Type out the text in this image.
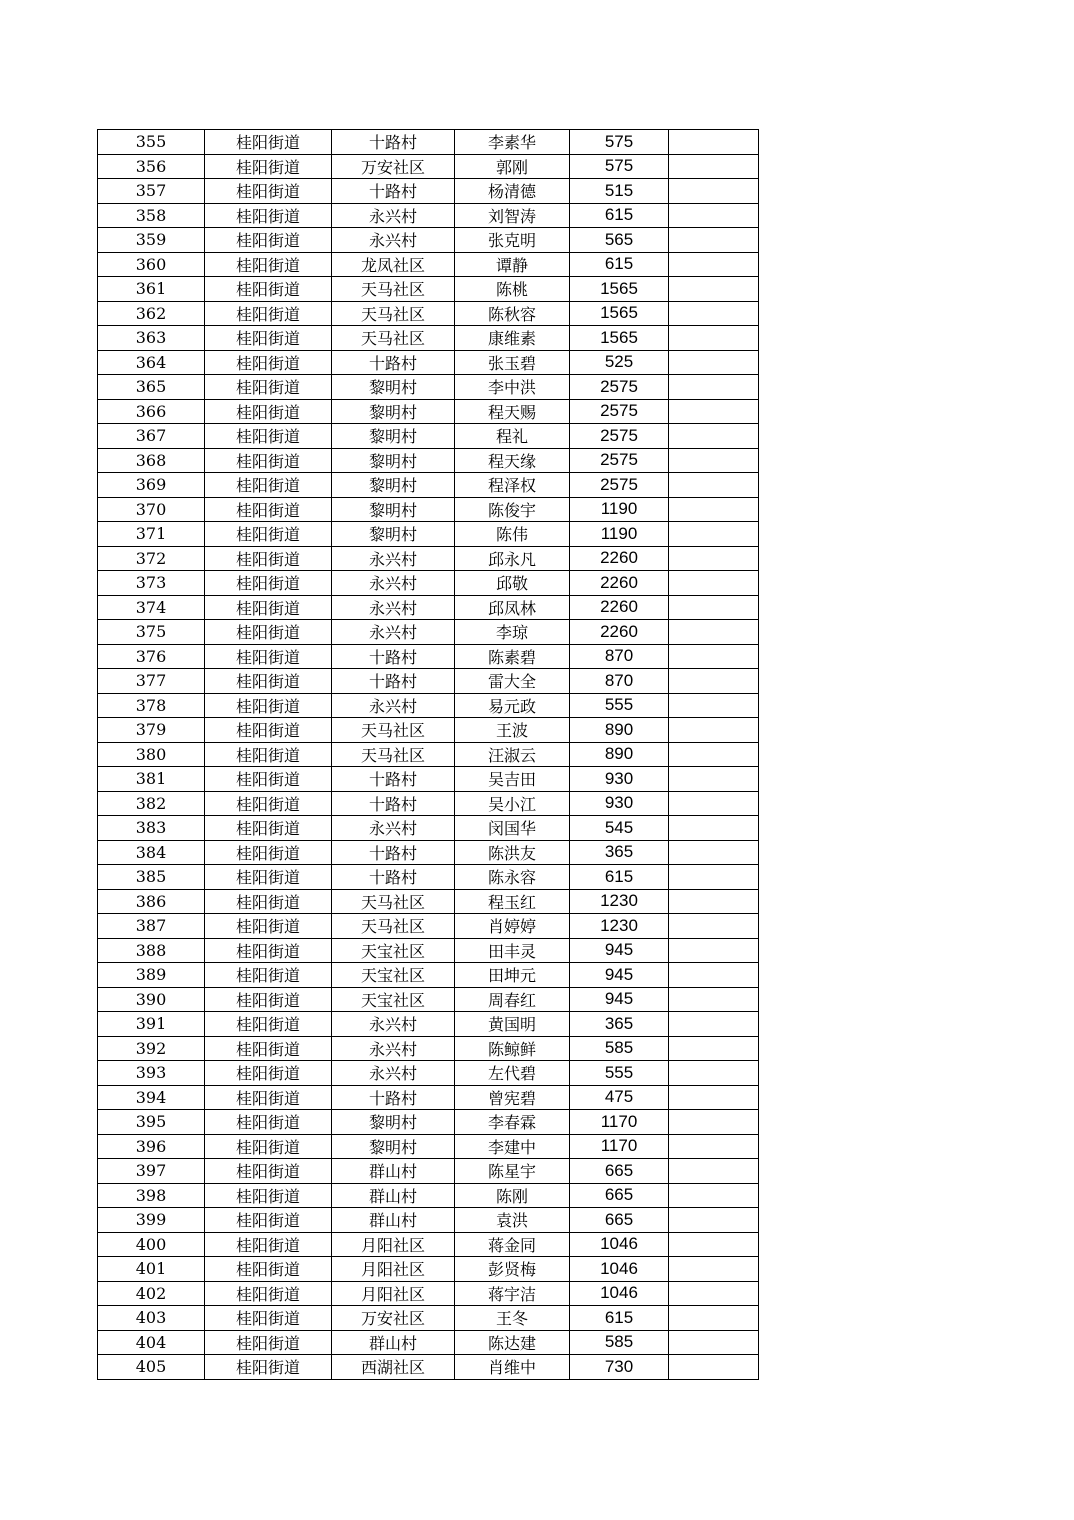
355	桂阳街道	十路村	李素华	575	
356	桂阳街道	万安社区	郭刚	575	
357	桂阳街道	十路村	杨清德	515	
358	桂阳街道	永兴村	刘智涛	615	
359	桂阳街道	永兴村	张克明	565	
360	桂阳街道	龙凤社区	谭静	615	
361	桂阳街道	天马社区	陈桃	1565	
362	桂阳街道	天马社区	陈秋容	1565	
363	桂阳街道	天马社区	康维素	1565	
364	桂阳街道	十路村	张玉碧	525	
365	桂阳街道	黎明村	李中洪	2575	
366	桂阳街道	黎明村	程天赐	2575	
367	桂阳街道	黎明村	程礼	2575	
368	桂阳街道	黎明村	程天缘	2575	
369	桂阳街道	黎明村	程泽权	2575	
370	桂阳街道	黎明村	陈俊宇	1190	
371	桂阳街道	黎明村	陈伟	1190	
372	桂阳街道	永兴村	邱永凡	2260	
373	桂阳街道	永兴村	邱敬	2260	
374	桂阳街道	永兴村	邱凤林	2260	
375	桂阳街道	永兴村	李琼	2260	
376	桂阳街道	十路村	陈素碧	870	
377	桂阳街道	十路村	雷大全	870	
378	桂阳街道	永兴村	易元政	555	
379	桂阳街道	天马社区	王波	890	
380	桂阳街道	天马社区	汪淑云	890	
381	桂阳街道	十路村	吴吉田	930	
382	桂阳街道	十路村	吴小江	930	
383	桂阳街道	永兴村	闵国华	545	
384	桂阳街道	十路村	陈洪友	365	
385	桂阳街道	十路村	陈永容	615	
386	桂阳街道	天马社区	程玉红	1230	
387	桂阳街道	天马社区	肖婷婷	1230	
388	桂阳街道	天宝社区	田丰灵	945	
389	桂阳街道	天宝社区	田坤元	945	
390	桂阳街道	天宝社区	周春红	945	
391	桂阳街道	永兴村	黄国明	365	
392	桂阳街道	永兴村	陈鲸鲜	585	
393	桂阳街道	永兴村	左代碧	555	
394	桂阳街道	十路村	曾宪碧	475	
395	桂阳街道	黎明村	李春霖	1170	
396	桂阳街道	黎明村	李建中	1170	
397	桂阳街道	群山村	陈星宇	665	
398	桂阳街道	群山村	陈刚	665	
399	桂阳街道	群山村	袁洪	665	
400	桂阳街道	月阳社区	蒋金同	1046	
401	桂阳街道	月阳社区	彭贤梅	1046	
402	桂阳街道	月阳社区	蒋宇洁	1046	
403	桂阳街道	万安社区	王冬	615	
404	桂阳街道	群山村	陈达建	585	
405	桂阳街道	西湖社区	肖维中	730	
